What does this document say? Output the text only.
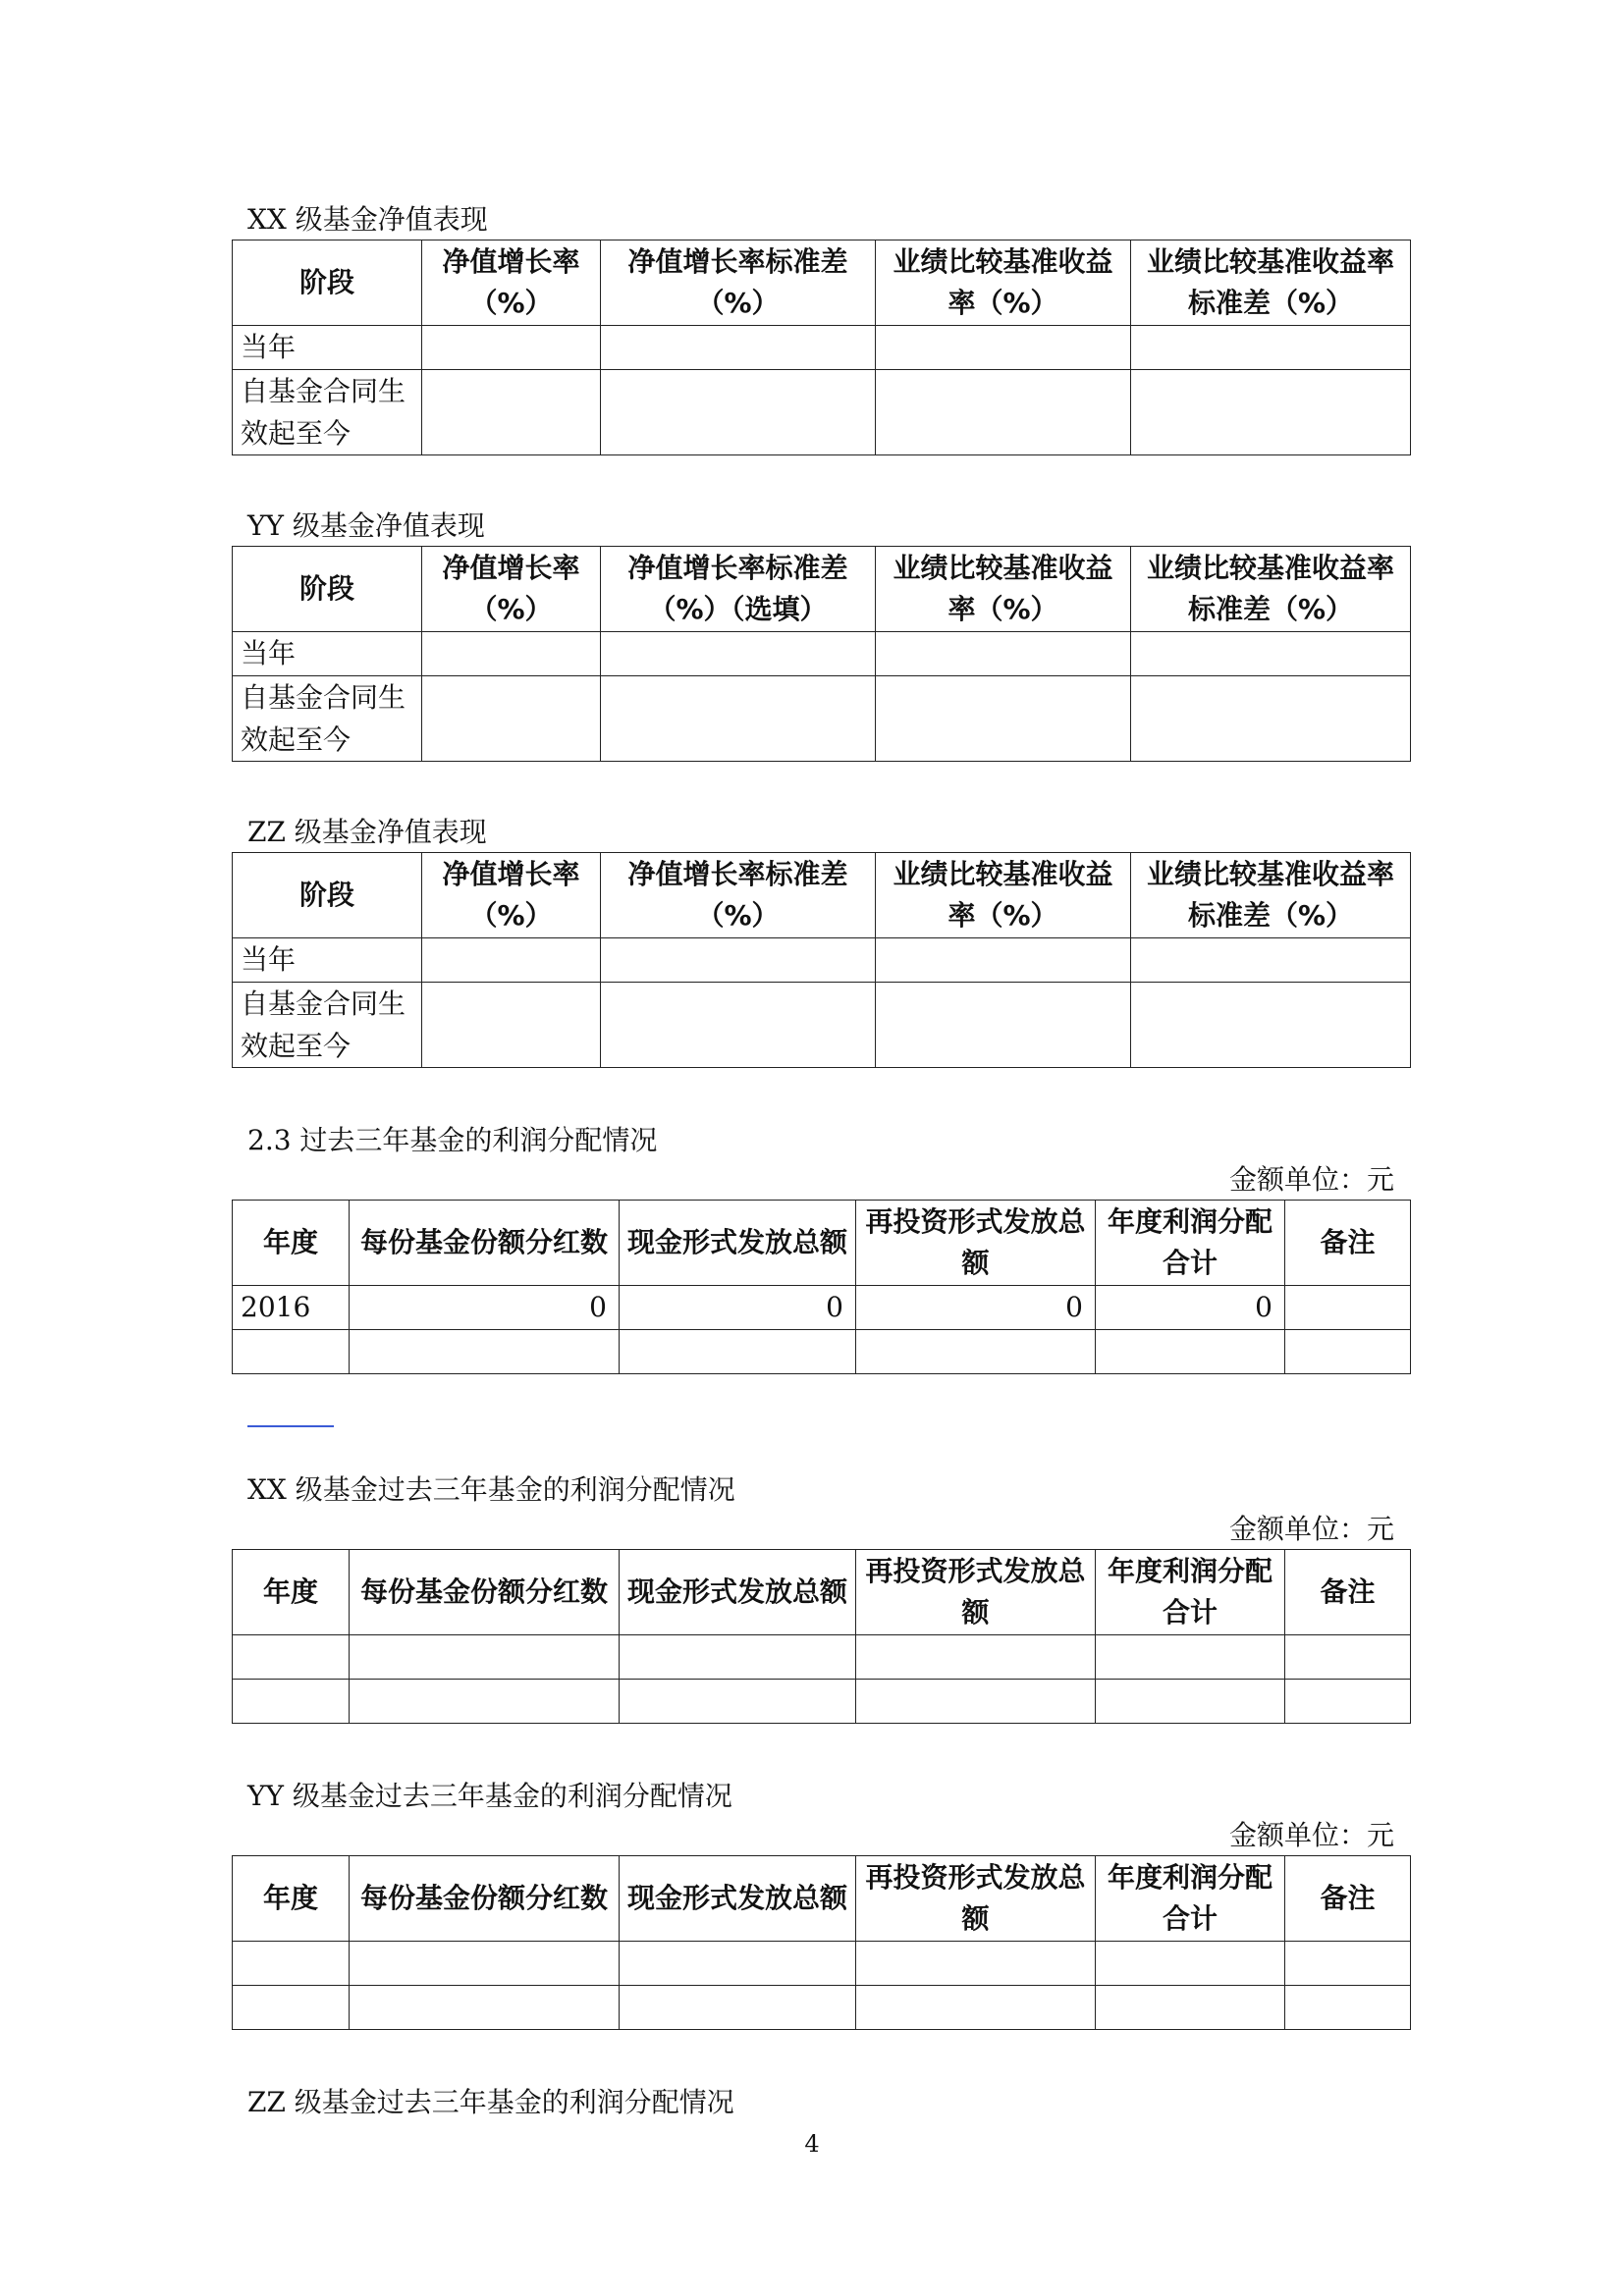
XX 级基金净值表现
阶段	净值增长率（%）	净值增长率标准差（%）	业绩比较基准收益率（%）	业绩比较基准收益率标准差（%）
当年				

自基金合同生效起至今				

YY 级基金净值表现
阶段	净值增长率（%）	净值增长率标准差（%）（选填）	业绩比较基准收益率（%）	业绩比较基准收益率标准差（%）
当年				

自基金合同生效起至今				

ZZ 级基金净值表现
阶段	净值增长率（%）	净值增长率标准差（%）	业绩比较基准收益率（%）	业绩比较基准收益率标准差（%）
当年				

自基金合同生效起至今				

2.3 过去三年基金的利润分配情况
金额单位：元
年度	每份基金份额分红数	现金形式发放总额	再投资形式发放总额	年度利润分配合计	备注
2016	0	0	0	0	

XX 级基金过去三年基金的利润分配情况
金额单位：元
年度	每份基金份额分红数	现金形式发放总额	再投资形式发放总额	年度利润分配合计	备注

YY 级基金过去三年基金的利润分配情况
金额单位：元
年度	每份基金份额分红数	现金形式发放总额	再投资形式发放总额	年度利润分配合计	备注

ZZ 级基金过去三年基金的利润分配情况
4
